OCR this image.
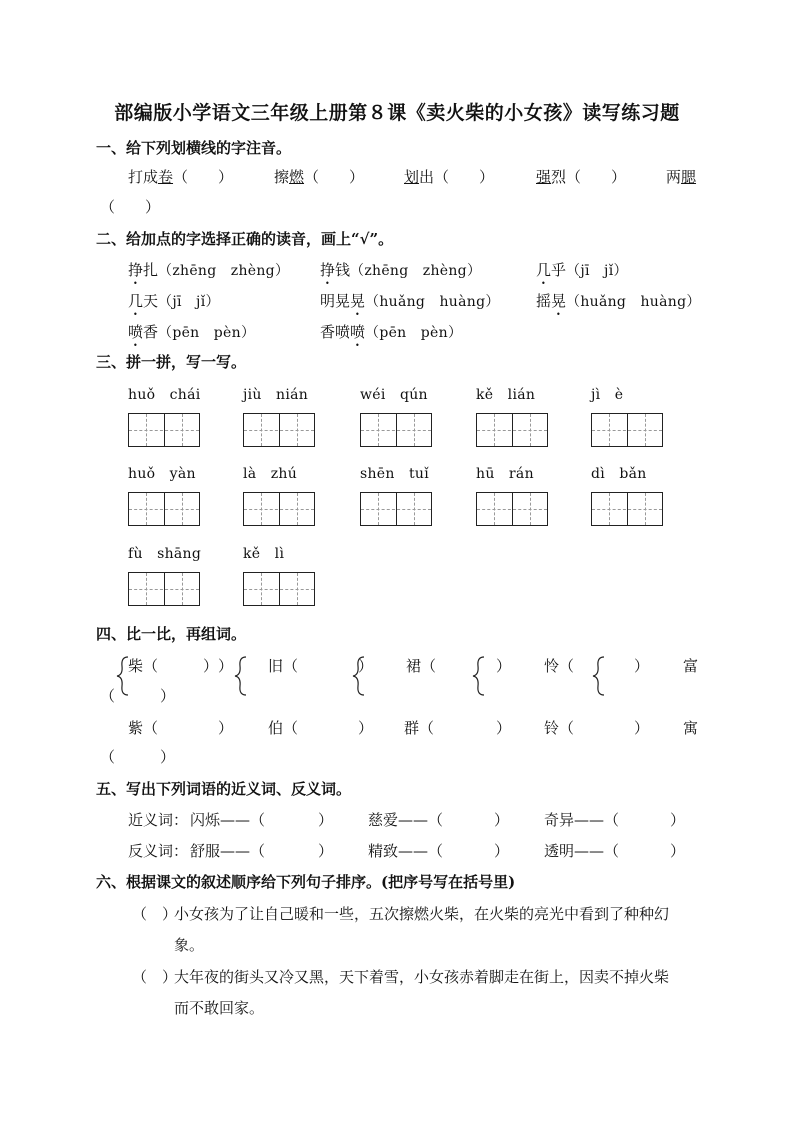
部编版小学语文三年级上册第８课《卖火柴的小女孩》读写练习题
一、给下列划横线的字注音。
打成卷（　　）	擦燃（　　）	划出（　　）	强烈（　　）	两腮
（　　）
二、给加点的字选择正确的读音，画上“√”。
挣扎（zhēng　zhèng） 挣钱（zhēng　zhèng）	几乎（jī　jǐ）
几天（jī　jǐ）	明晃晃（huǎng　huàng） 摇晃（huǎng　huàng）
喷香（pēn　pèn）	香喷喷（pēn　pèn）
三、拼一拼，写一写。
huǒ　chái	jiù　nián	wéi　qún	kě　lián	jì　è
huǒ　yàn	là　zhú	shēn　tuǐ	hū　rán	dì　bǎn
fù　shāng	kě　lì
四、比一比，再组词。
柴（　　　） ） 旧（	） 裙（	） 怜（	） 富
（　　　）
紫（	） 伯（	） 群（	） 铃（	） 寓
（　　　）
五、写出下列词语的近义词、反义词。
近义词： 闪烁——（	） 慈爱——（	） 奇异——（	）
反义词： 舒服——（	） 精致——（	） 透明——（	）
六、根据课文的叙述顺序给下列句子排序。(把序号写在括号里)
（　）
小女孩为了让自己暖和一些，五次擦燃火柴，在火柴的亮光中看到了种种幻
象。
（　）
大年夜的街头又冷又黑，天下着雪，小女孩赤着脚走在街上，因卖不掉火柴
而不敢回家。
